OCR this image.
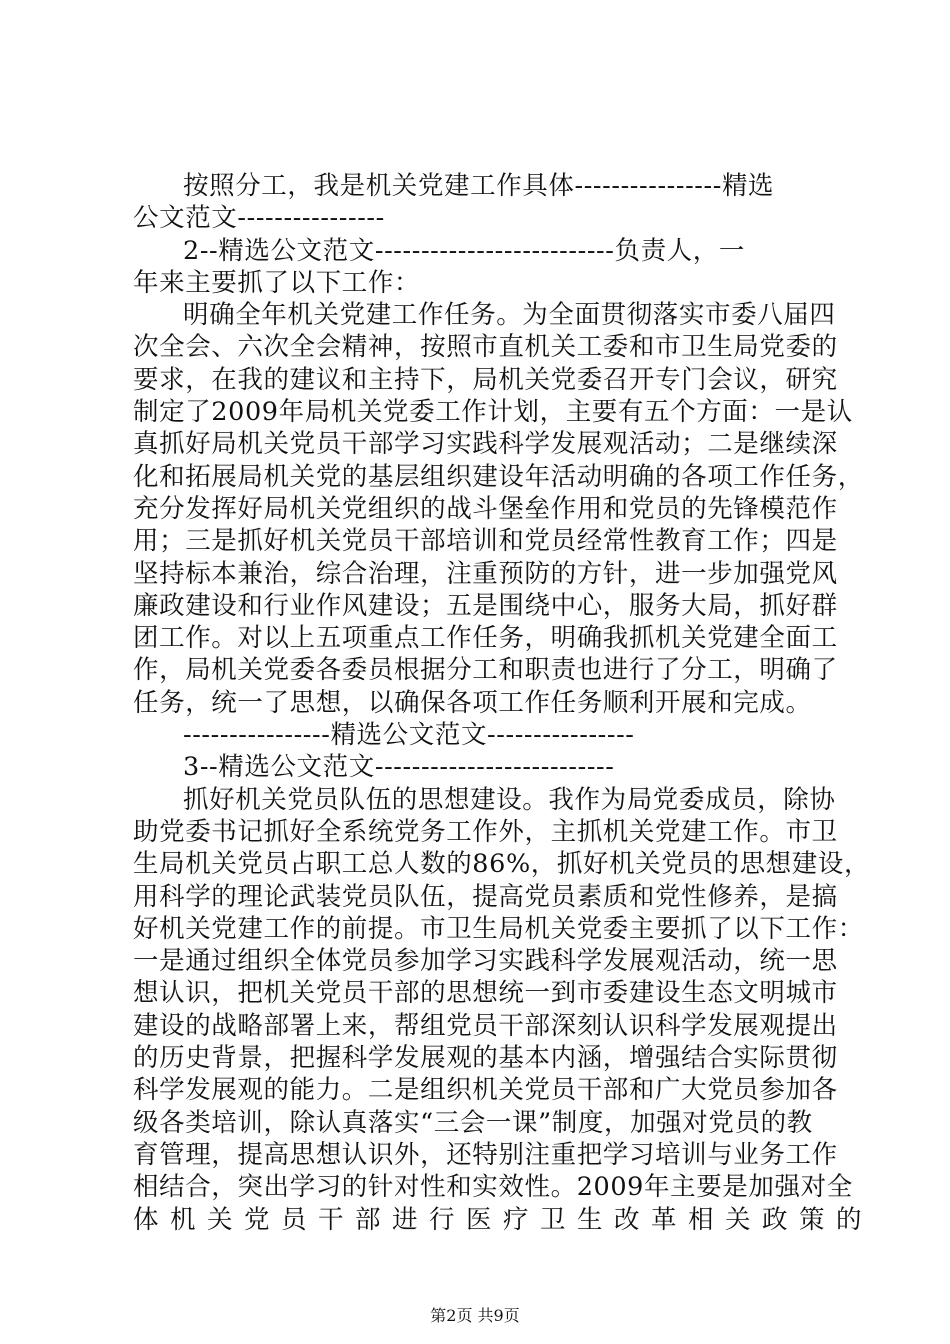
按照分工，我是机关党建工作具体----------------精选
公文范文----------------
2--精选公文范文--------------------------负责人，一
年来主要抓了以下工作：
明确全年机关党建工作任务。为全面贯彻落实市委八届四
次全会、六次全会精神，按照市直机关工委和市卫生局党委的
要求，在我的建议和主持下，局机关党委召开专门会议，研究
制定了2009年局机关党委工作计划，主要有五个方面：一是认
真抓好局机关党员干部学习实践科学发展观活动；二是继续深
化和拓展局机关党的基层组织建设年活动明确的各项工作任务，
充分发挥好局机关党组织的战斗堡垒作用和党员的先锋模范作
用；三是抓好机关党员干部培训和党员经常性教育工作；四是
坚持标本兼治，综合治理，注重预防的方针，进一步加强党风
廉政建设和行业作风建设；五是围绕中心，服务大局，抓好群
团工作。对以上五项重点工作任务，明确我抓机关党建全面工
作，局机关党委各委员根据分工和职责也进行了分工，明确了
任务，统一了思想，以确保各项工作任务顺利开展和完成。
----------------精选公文范文----------------
3--精选公文范文--------------------------
抓好机关党员队伍的思想建设。我作为局党委成员，除协
助党委书记抓好全系统党务工作外，主抓机关党建工作。市卫
生局机关党员占职工总人数的86%，抓好机关党员的思想建设，
用科学的理论武装党员队伍，提高党员素质和党性修养，是搞
好机关党建工作的前提。市卫生局机关党委主要抓了以下工作：
一是通过组织全体党员参加学习实践科学发展观活动，统一思
想认识，把机关党员干部的思想统一到市委建设生态文明城市
建设的战略部署上来，帮组党员干部深刻认识科学发展观提出
的历史背景，把握科学发展观的基本内涵，增强结合实际贯彻
科学发展观的能力。二是组织机关党员干部和广大党员参加各
级各类培训，除认真落实“三会一课”制度，加强对党员的教
育管理，提高思想认识外，还特别注重把学习培训与业务工作
相结合，突出学习的针对性和实效性。2009年主要是加强对全
体机关党员干部进行医疗卫生改革相关政策的
第2页 共9页
